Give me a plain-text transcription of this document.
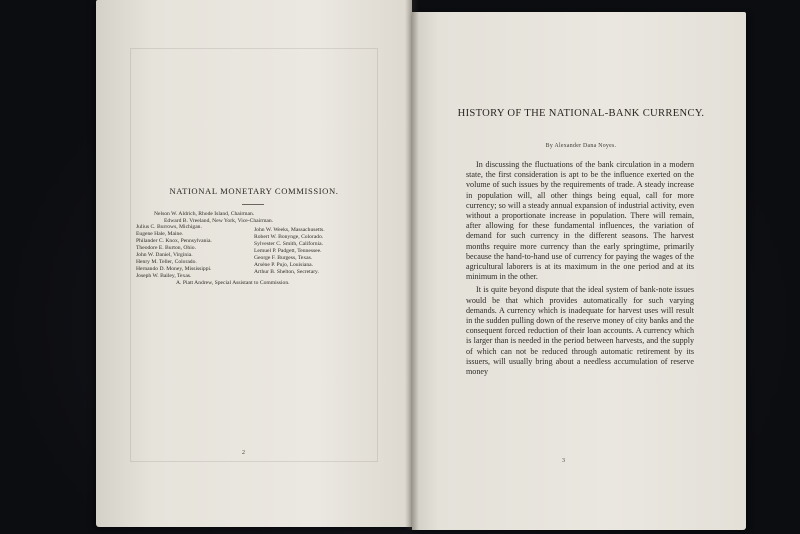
NATIONAL MONETARY COMMISSION.
Nelson W. Aldrich, Rhode Island, Chairman.
Edward B. Vreeland, New York, Vice-Chairman.
Julius C. Burrows, Michigan.	John W. Weeks, Massachusetts.
Eugene Hale, Maine.	Robert W. Bonynge, Colorado.
Philander C. Knox, Pennsylvania.	Sylvester C. Smith, California.
Theodore E. Burton, Ohio.	Lemuel P. Padgett, Tennessee.
John W. Daniel, Virginia.	George F. Burgess, Texas.
Henry M. Teller, Colorado.	Arsène P. Pujo, Louisiana.
Hernando D. Money, Mississippi.	Arthur B. Shelton, Secretary.
Joseph W. Bailey, Texas.
A. Piatt Andrew, Special Assistant to Commission.
2
HISTORY OF THE NATIONAL-BANK CURRENCY.
By Alexander Dana Noyes.

In discussing the fluctuations of the bank circulation in a modern state, the first consideration is apt to be the influence exerted on the volume of such issues by the requirements of trade. A steady increase in population will, all other things being equal, call for more currency; so will a steady annual expansion of industrial activity, even without a proportionate increase in population. There will remain, after allowing for these fundamental influences, the variation of demand for such currency in the different seasons. The harvest months require more currency than the early springtime, primarily because the hand-to-hand use of currency for paying the wages of the agricultural laborers is at its maximum in the one period and at its minimum in the other.

It is quite beyond dispute that the ideal system of bank-note issues would be that which provides automatically for such varying demands. A currency which is inadequate for harvest uses will result in the sudden pulling down of the reserve money of city banks and the consequent forced reduction of their loan accounts. A currency which is larger than is needed in the period between harvests, and the supply of which can not be reduced through automatic retirement by its issuers, will usually bring about a needless accumulation of reserve money

3
